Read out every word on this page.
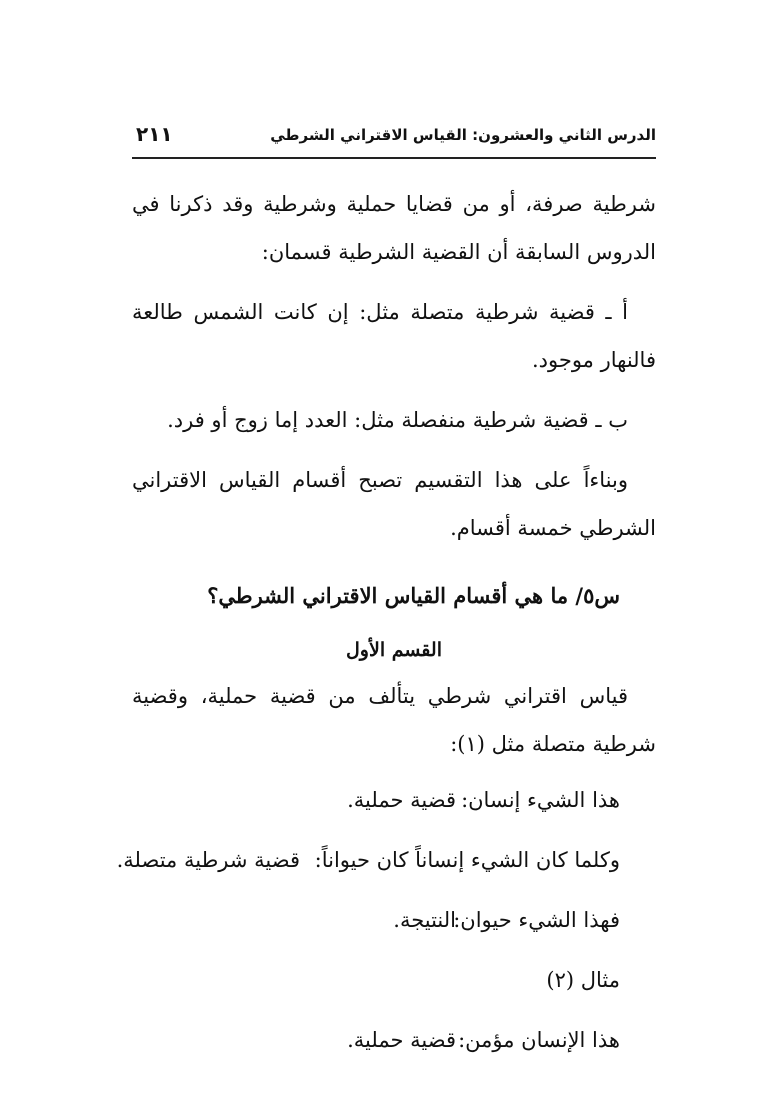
الدرس الثاني والعشرون: القياس الاقتراني الشرطي
٢١١

شرطية صرفة، أو من قضايا حملية وشرطية وقد ذكرنا في الدروس السابقة أن القضية الشرطية قسمان:

أ ـ قضية شرطية متصلة مثل: إن كانت الشمس طالعة فالنهار موجود.

ب ـ قضية شرطية منفصلة مثل: العدد إما زوج أو فرد.

وبناءاً على هذا التقسيم تصبح أقسام القياس الاقتراني الشرطي خمسة أقسام.

س٥/ ما هي أقسام القياس الاقتراني الشرطي؟

القسم الأول

قياس اقتراني شرطي يتألف من قضية حملية، وقضية شرطية متصلة مثل (١):

هذا الشيء إنسان:
قضية حملية.
وكلما كان الشيء إنساناً كان حيواناً:
قضية شرطية متصلة.
فهذا الشيء حيوان:
النتيجة.
مثال (٢)
هذا الإنسان مؤمن:
قضية حملية.
